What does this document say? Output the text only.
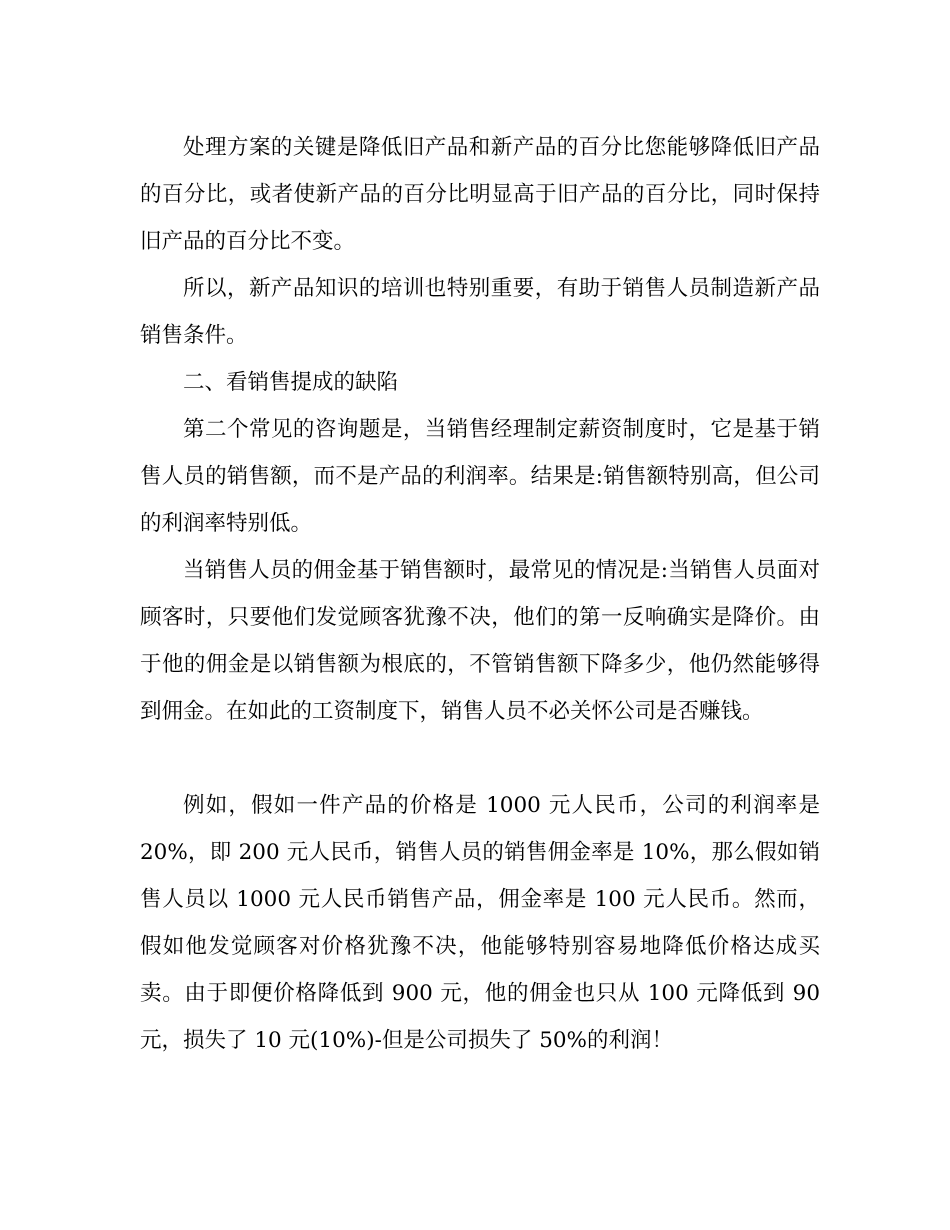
处理方案的关键是降低旧产品和新产品的百分比您能够降低旧产品的百分比，或者使新产品的百分比明显高于旧产品的百分比，同时保持旧产品的百分比不变。

所以，新产品知识的培训也特别重要，有助于销售人员制造新产品销售条件。

二、看销售提成的缺陷

第二个常见的咨询题是，当销售经理制定薪资制度时，它是基于销售人员的销售额，而不是产品的利润率。结果是:销售额特别高，但公司的利润率特别低。

当销售人员的佣金基于销售额时，最常见的情况是:当销售人员面对顾客时，只要他们发觉顾客犹豫不决，他们的第一反响确实是降价。由于他的佣金是以销售额为根底的，不管销售额下降多少，他仍然能够得到佣金。在如此的工资制度下，销售人员不必关怀公司是否赚钱。

例如，假如一件产品的价格是 1000 元人民币，公司的利润率是 20%，即 200 元人民币，销售人员的销售佣金率是 10%，那么假如销售人员以 1000 元人民币销售产品，佣金率是 100 元人民币。然而，假如他发觉顾客对价格犹豫不决，他能够特别容易地降低价格达成买卖。由于即便价格降低到 900 元，他的佣金也只从 100 元降低到 90 元，损失了 10 元(10%)-但是公司损失了 50%的利润！
